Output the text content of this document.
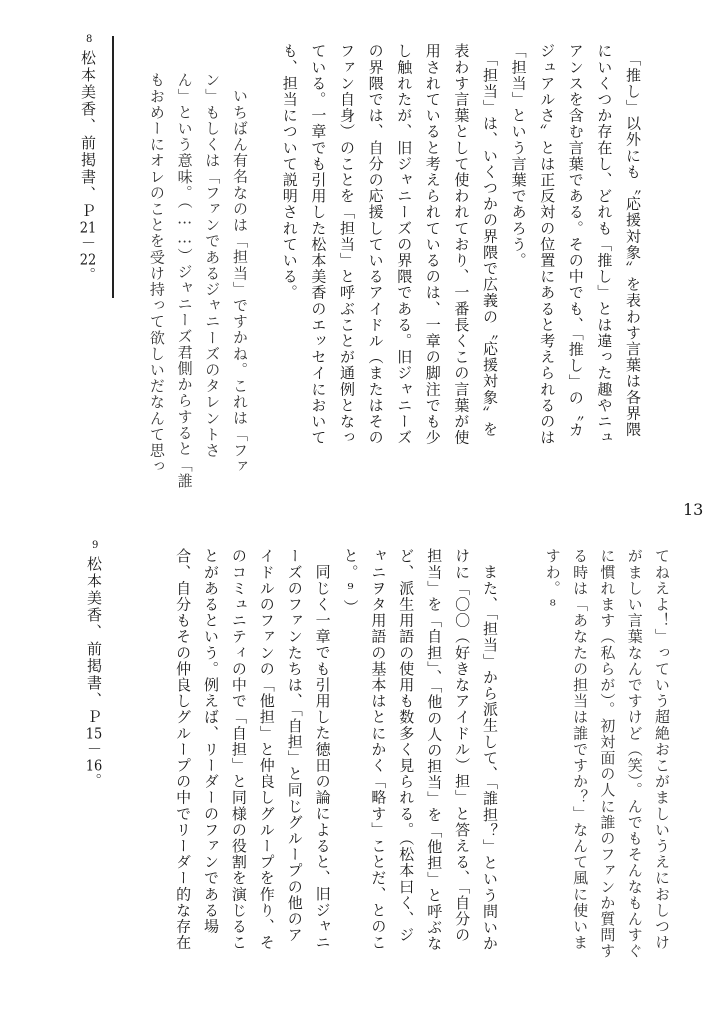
13
8
松本美香、前掲書、Ｐ21－22。
9
松本美香、前掲書、Ｐ15－16。
「推し」以外にも〝応援対象〟を表わす言葉は各界隈
にいくつか存在し、どれも「推し」とは違った趣やニュ
アンスを含む言葉である。その中でも、「推し」の〝カ
ジュアルさ〟とは正反対の位置にあると考えられるのは
「担当」という言葉であろう。
「担当」は、いくつかの界隈で広義の〝応援対象〟を
表わす言葉として使われており、一番長くこの言葉が使
用されていると考えられているのは、一章の脚注でも少
し触れたが、旧ジャニーズの界隈である。旧ジャニーズ
の界隈では、自分の応援しているアイドル（またはその
ファン自身）のことを「担当」と呼ぶことが通例となっ
ている。一章でも引用した松本美香のエッセイにおいて
も、担当について説明されている。
いちばん有名なのは「担当」ですかね。これは「ファ
ン」もしくは「ファンであるジャニーズのタレントさ
ん」という意味。（……）ジャニーズ君側からすると「誰
もおめーにオレのことを受け持って欲しいだなんて思っ
てねえよ！」っていう超絶おこがましいうえにおしつけ
がましい言葉なんですけど（笑）。んでもそんなもんすぐ
に慣れます（私らが）。初対面の人に誰のファンか質問す
る時は「あなたの担当は誰ですか？」なんて風に使いま
すわ。⁸
また、「担当」から派生して、「誰担？」という問いか
けに「〇〇（好きなアイドル）担」と答える、「自分の
担当」を「自担」、「他の人の担当」を「他担」と呼ぶな
ど、派生用語の使用も数多く見られる。（松本曰く、ジ
ャニヲタ用語の基本はとにかく「略す」ことだ、とのこ
と。⁹）
同じく一章でも引用した徳田の論によると、旧ジャニ
ーズのファンたちは、「自担」と同じグループの他のア
イドルのファンの「他担」と仲良しグループを作り、そ
のコミュニティの中で「自担」と同様の役割を演じるこ
とがあるという。例えば、リーダーのファンである場
合、自分もその仲良しグループの中でリーダー的な存在
